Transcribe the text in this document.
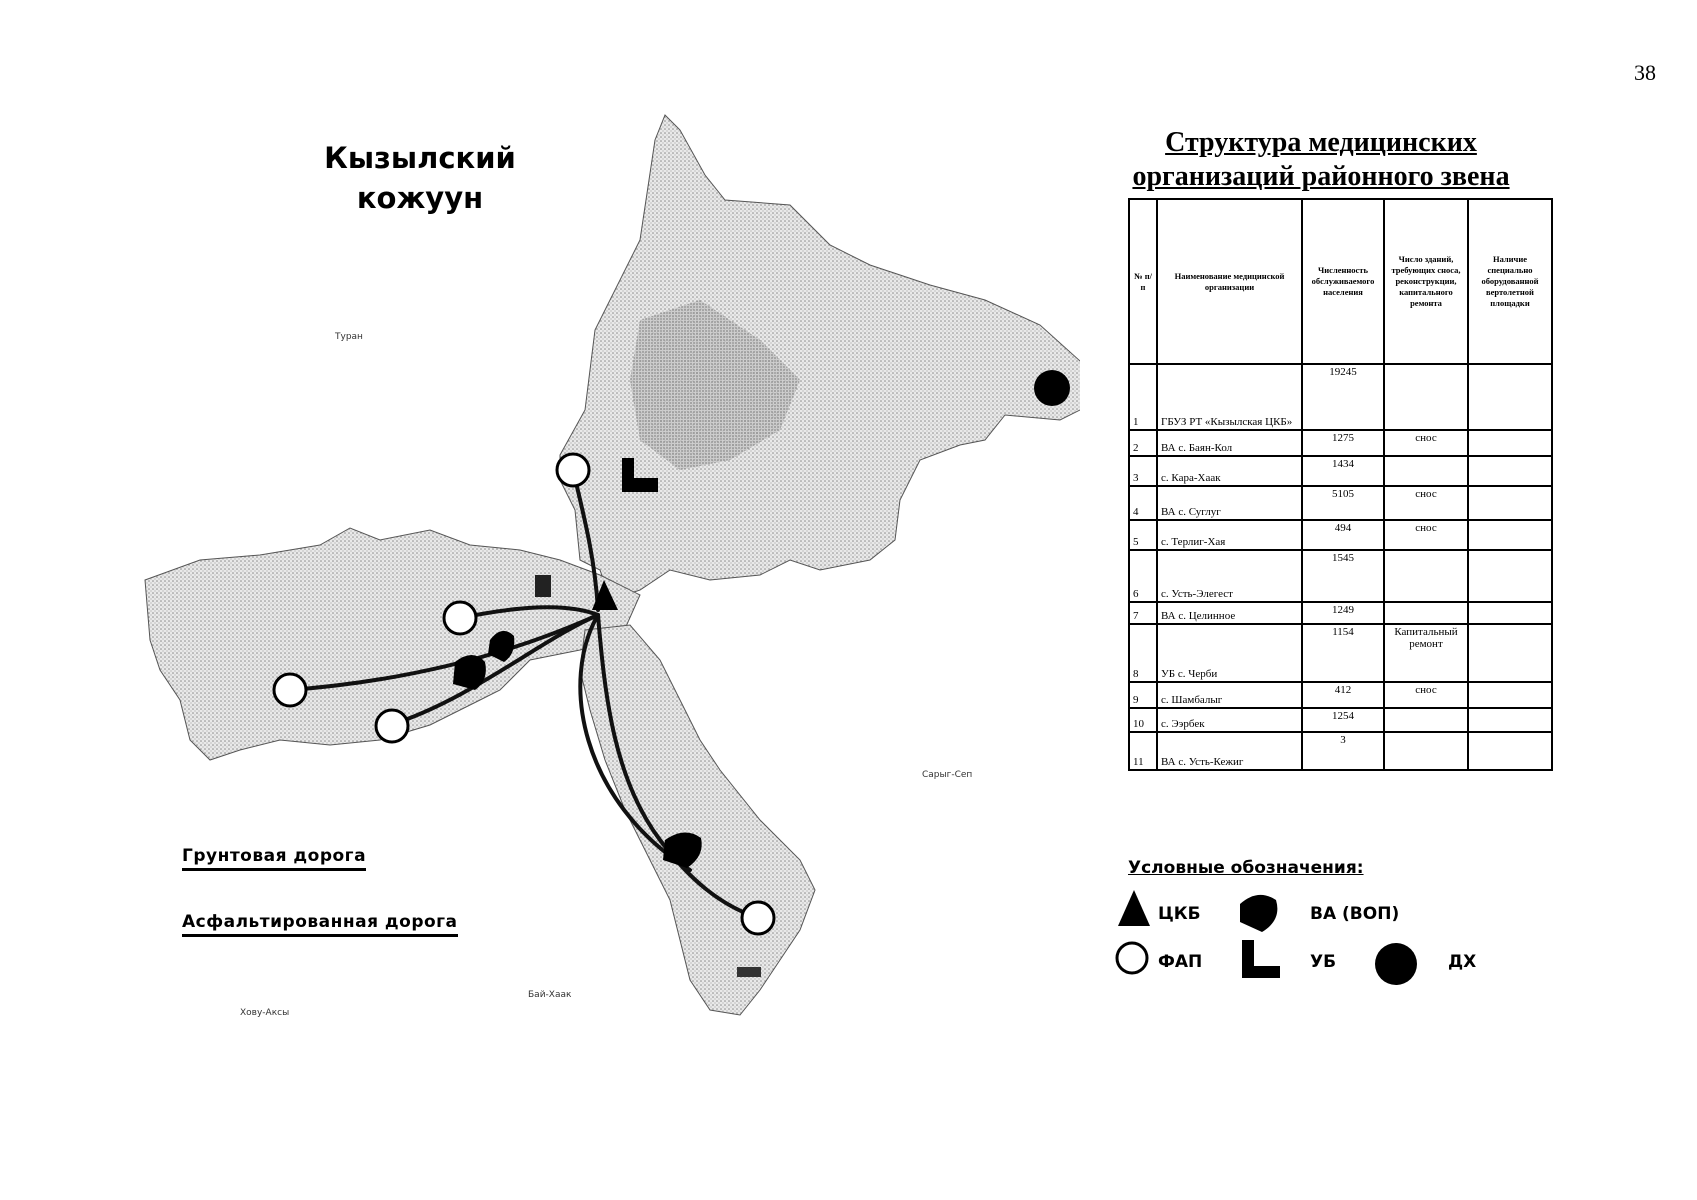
38
Кызылский
кожуун
Туран
Сарыг-Сеп
Бай-Хаак
Хову-Аксы
Грунтовая дорога
Асфальтированная дорога
Структура медицинских
организаций районного звена
№ п/п	Наименование медицинской организации	Численность обслуживаемого населения	Число зданий, требующих сноса, реконструкции, капитального ремонта	Наличие специально оборудованной вертолетной площадки
1	ГБУЗ РТ «Кызылская ЦКБ»	19245		
2	ВА с. Баян-Кол	1275	снос	
3	с. Кара-Хаак	1434		
4	ВА с. Суглуг	5105	снос	
5	с. Терлиг-Хая	494	снос	
6	с. Усть-Элегест	1545		
7	ВА с. Целинное	1249		
8	УБ с. Черби	1154	Капитальный ремонт	
9	с. Шамбалыг	412	снос	
10	с. Ээрбек	1254		
11	ВА с. Усть-Кежиг	3		
Условные обозначения:
ЦКБ
ФАП
ВА (ВОП)
УБ	ДХ
